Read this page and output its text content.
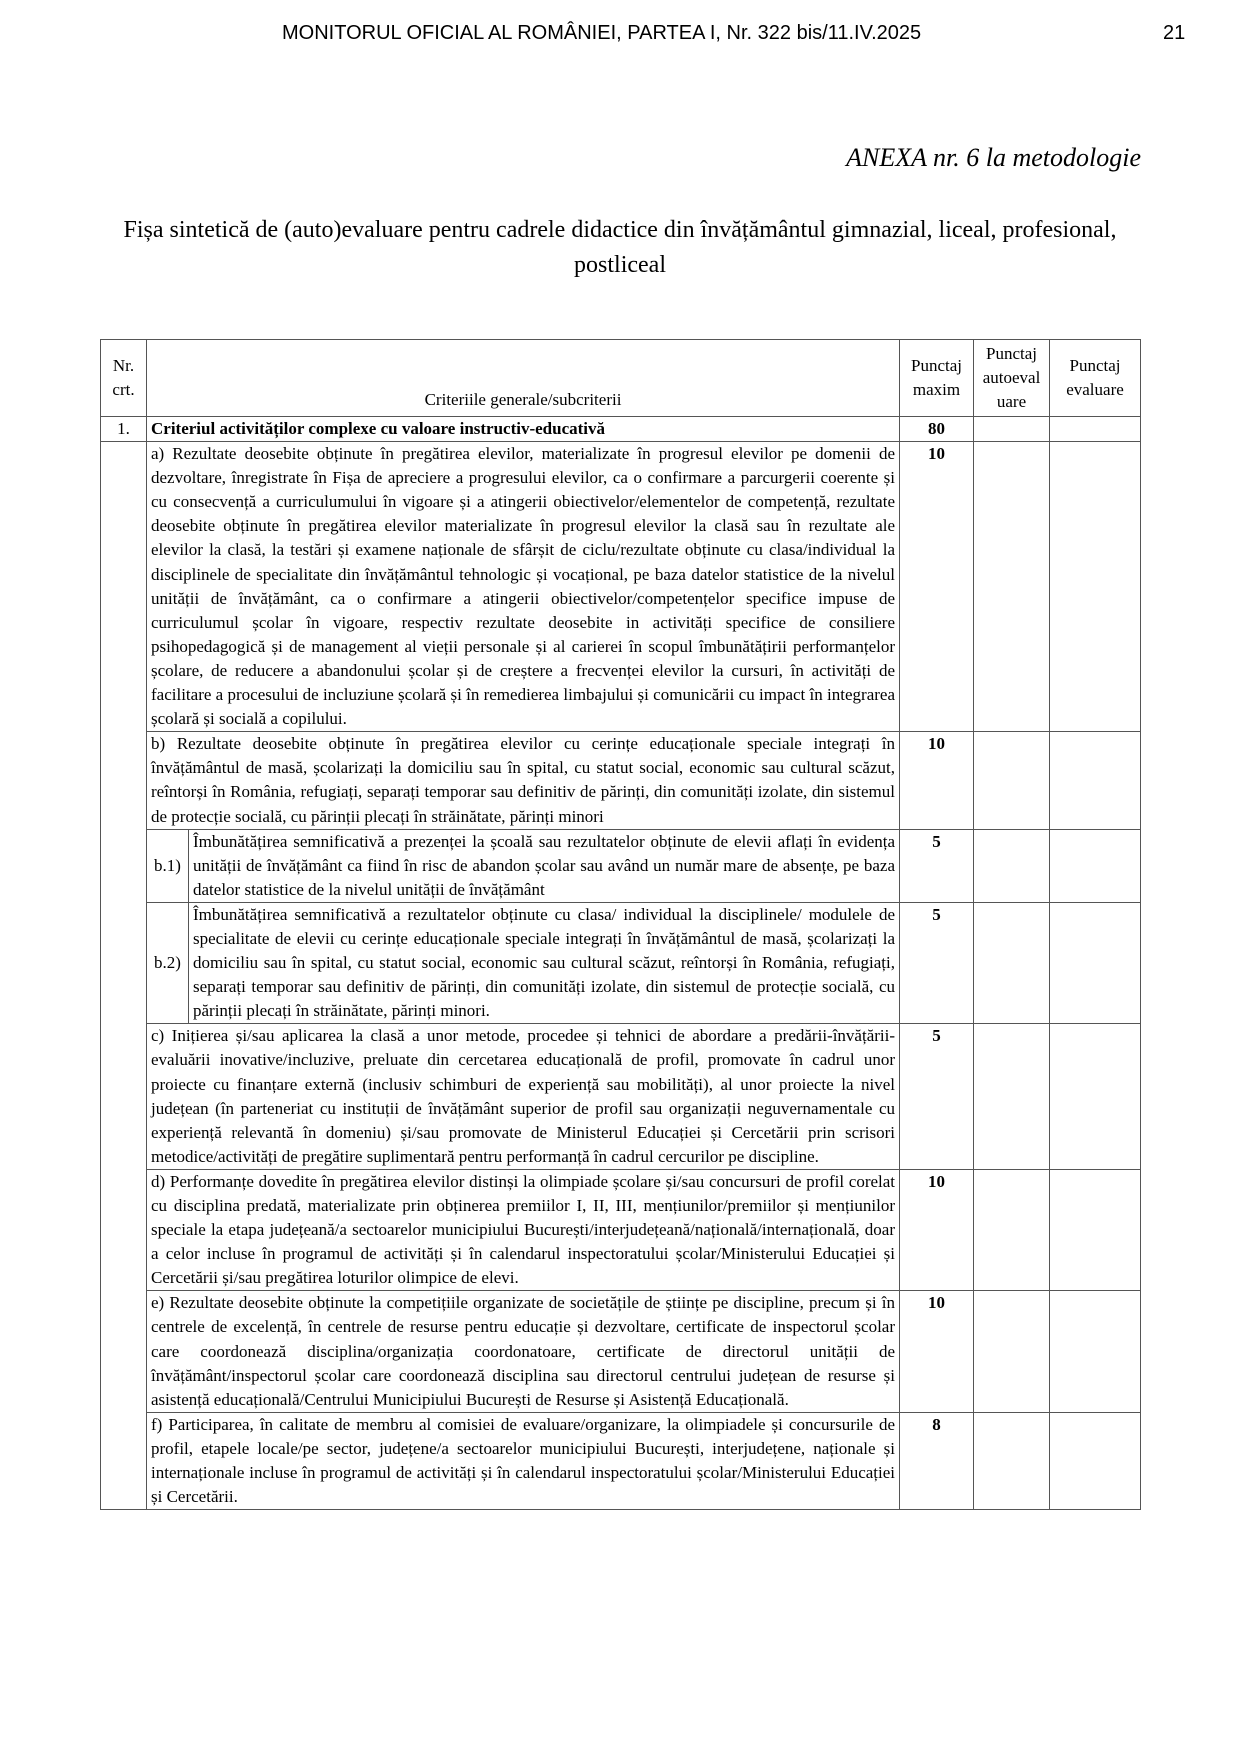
MONITORUL OFICIAL AL ROMÂNIEI, PARTEA I, Nr. 322 bis/11.IV.2025	21
ANEXA nr. 6 la metodologie
Fișa sintetică de (auto)evaluare pentru cadrele didactice din învățământul gimnazial, liceal, profesional, postliceal
Nr. crt.	Criteriile generale/subcriterii		Punctaj maxim	Punctaj autoeval uare	Punctaj evaluare
1.	Criteriul activităților complexe cu valoare instructiv-educativă		80		
	a) Rezultate deosebite obținute în pregătirea elevilor, materializate în progresul elevilor pe domenii de dezvoltare, înregistrate în Fișa de apreciere a progresului elevilor, ca o confirmare a parcurgerii coerente și cu consecvență a curriculumului în vigoare și a atingerii obiectivelor/elementelor de competență, rezultate deosebite obținute în pregătirea elevilor materializate în progresul elevilor la clasă sau în rezultate ale elevilor la clasă, la testări și examene naționale de sfârșit de ciclu/rezultate obținute cu clasa/individual la disciplinele de specialitate din învățământul tehnologic și vocațional, pe baza datelor statistice de la nivelul unității de învățământ, ca o confirmare a atingerii obiectivelor/competențelor specifice impuse de curriculumul școlar în vigoare, respectiv rezultate deosebite in activități specifice de consiliere psihopedagogică și de management al vieții personale și al carierei în scopul îmbunătățirii performanțelor școlare, de reducere a abandonului școlar și de creștere a frecvenței elevilor la cursuri, în activități de facilitare a procesului de incluziune școlară și în remedierea limbajului și comunicării cu impact în integrarea școlară și socială a copilului.		10		
	b) Rezultate deosebite obținute în pregătirea elevilor cu cerințe educaționale speciale integrați în învățământul de masă, școlarizați la domiciliu sau în spital, cu statut social, economic sau cultural scăzut, reîntorși în România, refugiați, separați temporar sau definitiv de părinți, din comunități izolate, din sistemul de protecție socială, cu părinții plecați în străinătate, părinți minori		10		
	b.1)	Îmbunătățirea semnificativă a prezenței la școală sau rezultatelor obținute de elevii aflați în evidența unității de învățământ ca fiind în risc de abandon școlar sau având un număr mare de absențe, pe baza datelor statistice de la nivelul unității de învățământ	5		
	b.2)	Îmbunătățirea semnificativă a rezultatelor obținute cu clasa/ individual la disciplinele/ modulele de specialitate de elevii cu cerințe educaționale speciale integrați în învățământul de masă, școlarizați la domiciliu sau în spital, cu statut social, economic sau cultural scăzut, reîntorși în România, refugiați, separați temporar sau definitiv de părinți, din comunități izolate, din sistemul de protecție socială, cu părinții plecați în străinătate, părinți minori.	5		
	c) Inițierea și/sau aplicarea la clasă a unor metode, procedee și tehnici de abordare a predării-învățării-evaluării inovative/incluzive, preluate din cercetarea educațională de profil, promovate în cadrul unor proiecte cu finanțare externă (inclusiv schimburi de experiență sau mobilități), al unor proiecte la nivel județean (în parteneriat cu instituții de învățământ superior de profil sau organizații neguvernamentale cu experiență relevantă în domeniu) și/sau promovate de Ministerul Educației și Cercetării prin scrisori metodice/activități de pregătire suplimentară pentru performanță în cadrul cercurilor pe discipline.		5		
	d) Performanțe dovedite în pregătirea elevilor distinși la olimpiade școlare și/sau concursuri de profil corelat cu disciplina predată, materializate prin obținerea premiilor I, II, III, mențiunilor/premiilor și mențiunilor speciale la etapa județeană/a sectoarelor municipiului București/interjudețeană/națională/internațională, doar a celor incluse în programul de activități și în calendarul inspectoratului școlar/Ministerului Educației și Cercetării și/sau pregătirea loturilor olimpice de elevi.		10		
	e) Rezultate deosebite obținute la competițiile organizate de societățile de științe pe discipline, precum și în centrele de excelență, în centrele de resurse pentru educație și dezvoltare, certificate de inspectorul școlar care coordonează disciplina/organizația coordonatoare, certificate de directorul unității de învățământ/inspectorul școlar care coordonează disciplina sau directorul centrului județean de resurse și asistență educațională/Centrului Municipiului București de Resurse și Asistență Educațională.		10		
	f) Participarea, în calitate de membru al comisiei de evaluare/organizare, la olimpiadele și concursurile de profil, etapele locale/pe sector, județene/a sectoarelor municipiului București, interjudețene, naționale și internaționale incluse în programul de activități și în calendarul inspectoratului școlar/Ministerului Educației și Cercetării.		8		
